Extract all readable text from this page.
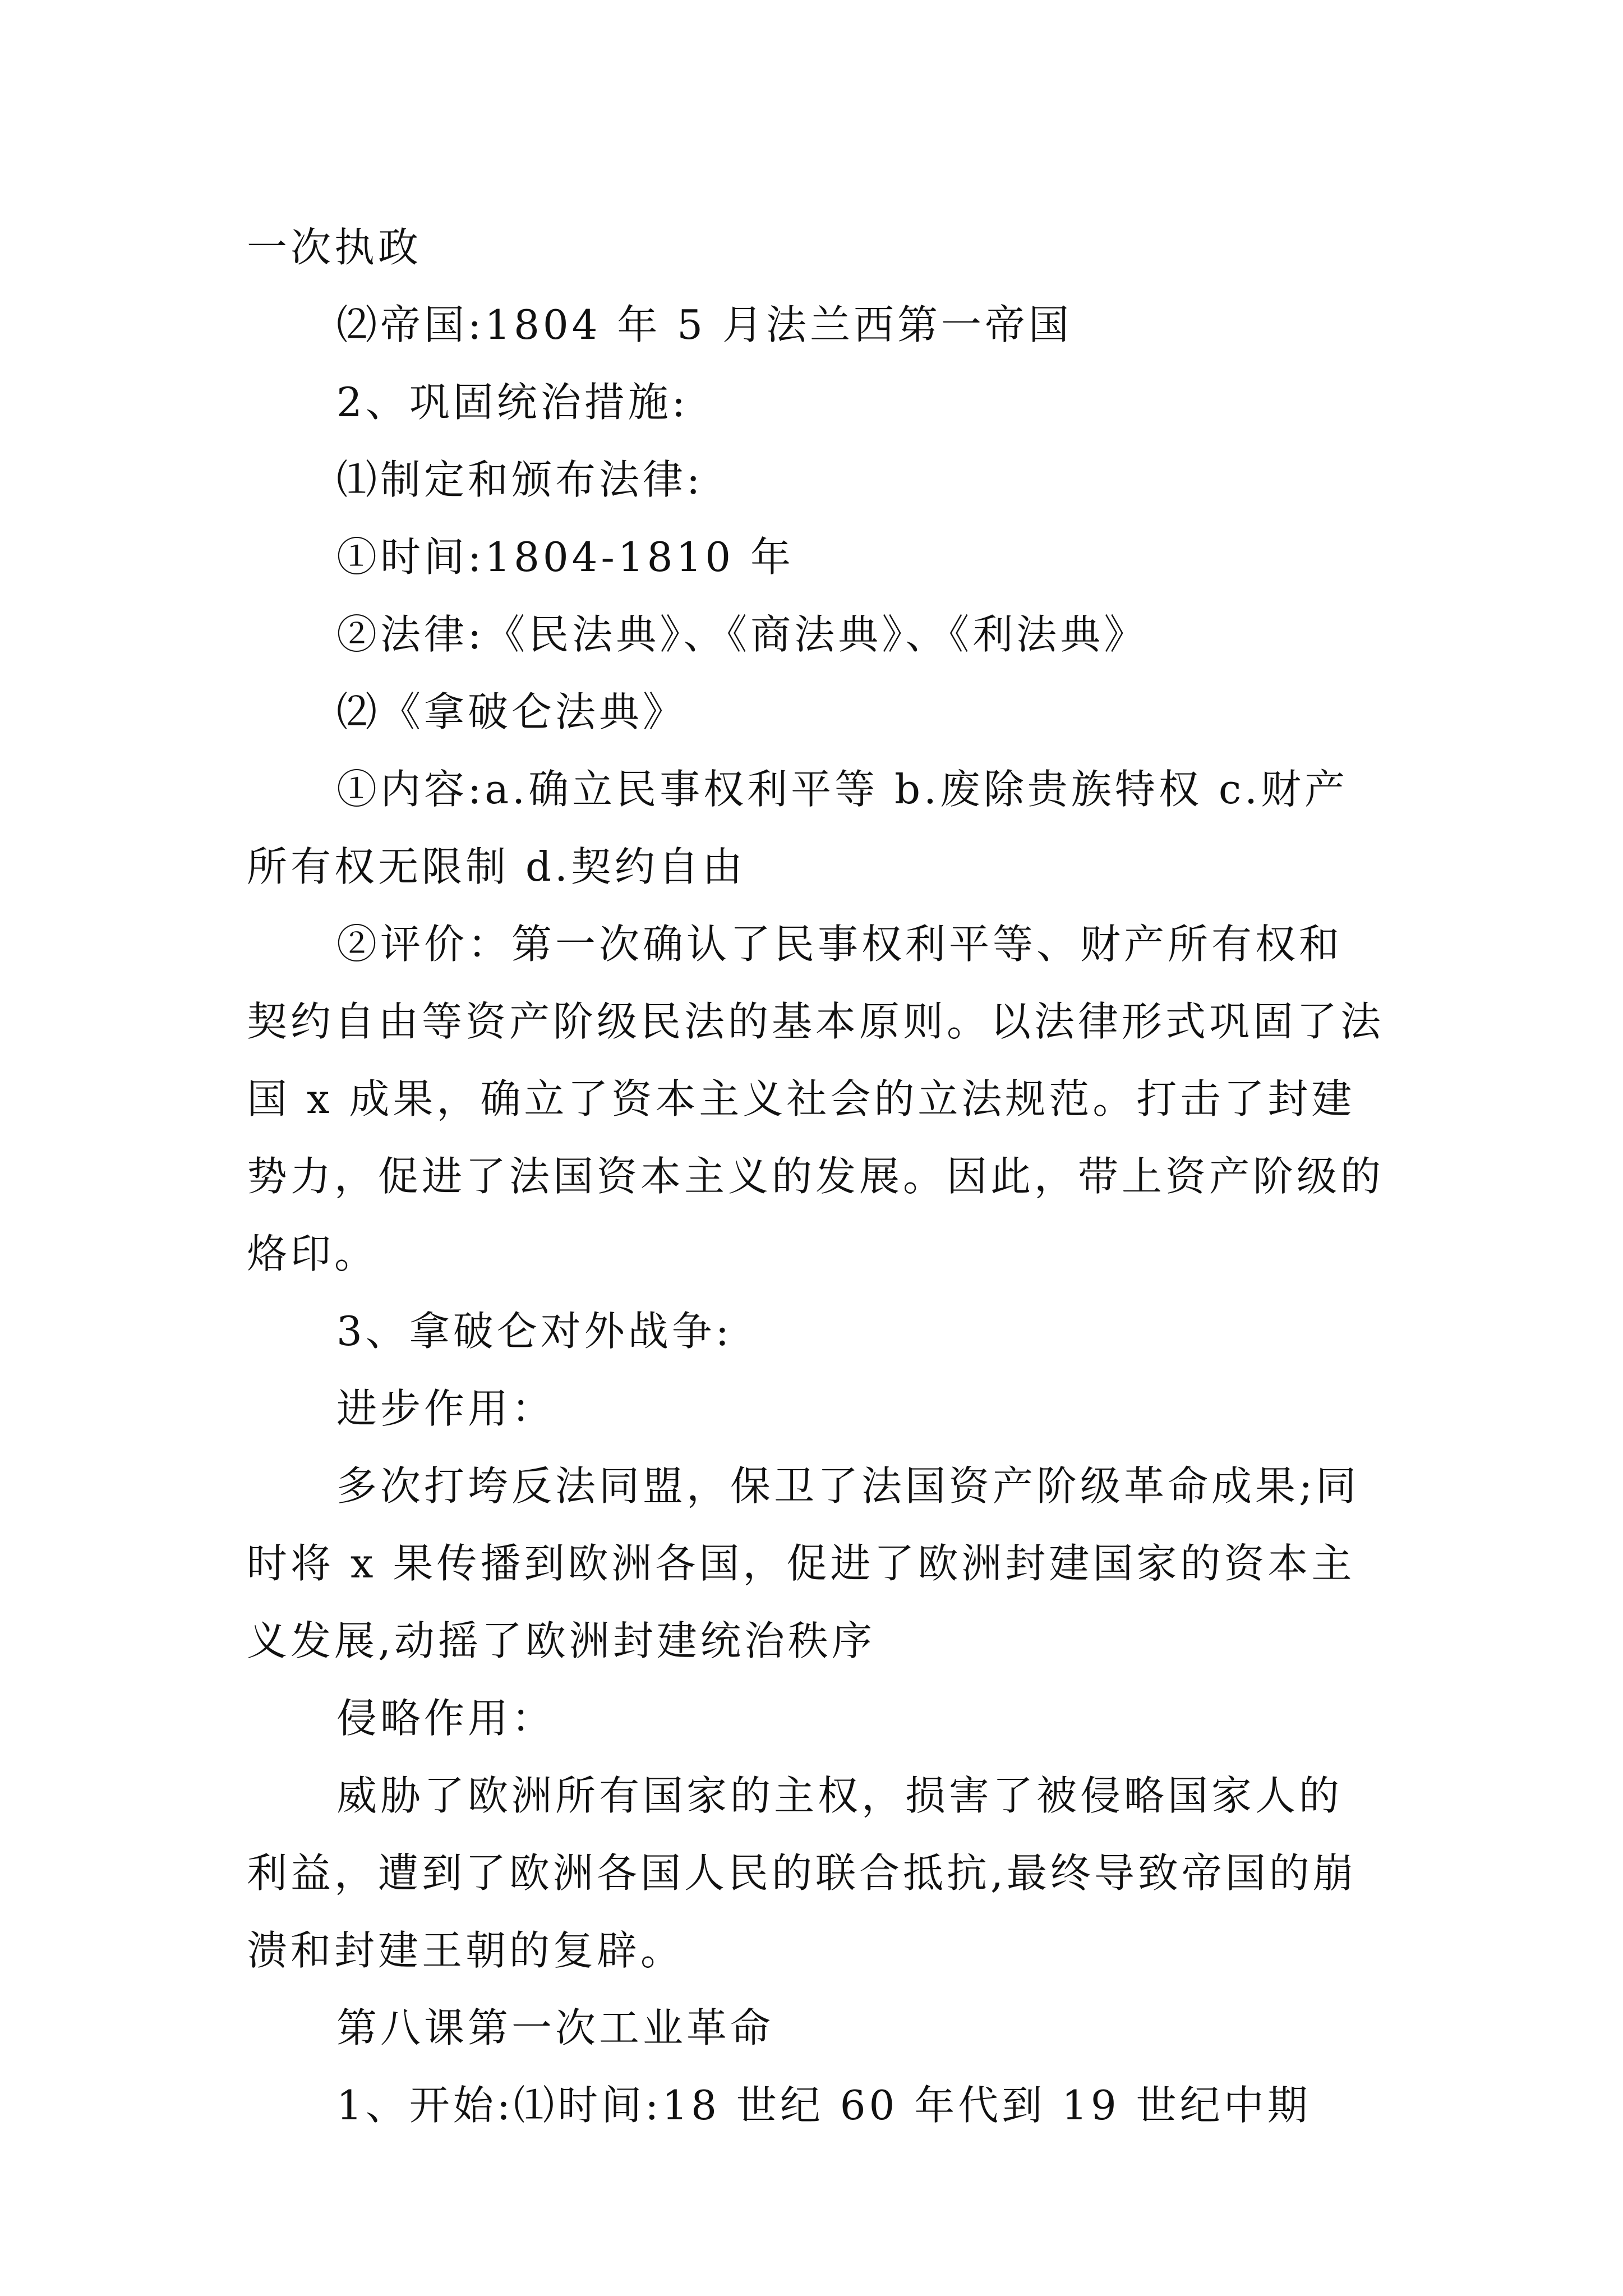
一次执政

⑵帝国:1804 年 5 月法兰西第一帝国

2、巩固统治措施:

⑴制定和颁布法律:

①时间:1804-1810 年

②法律:《民法典》、《商法典》、《利法典》

⑵《拿破仑法典》

①内容:a.确立民事权利平等 b.废除贵族特权 c.财产所有权无限制 d.契约自由

②评价：第一次确认了民事权利平等、财产所有权和契约自由等资产阶级民法的基本原则。以法律形式巩固了法国 x 成果，确立了资本主义社会的立法规范。打击了封建势力，促进了法国资本主义的发展。因此，带上资产阶级的烙印。

3、拿破仑对外战争:

进步作用：

多次打垮反法同盟，保卫了法国资产阶级革命成果;同时将 x 果传播到欧洲各国，促进了欧洲封建国家的资本主义发展,动摇了欧洲封建统治秩序

侵略作用：

威胁了欧洲所有国家的主权，损害了被侵略国家人的利益，遭到了欧洲各国人民的联合抵抗,最终导致帝国的崩溃和封建王朝的复辟。

第八课第一次工业革命

1、开始:⑴时间:18 世纪 60 年代到 19 世纪中期
